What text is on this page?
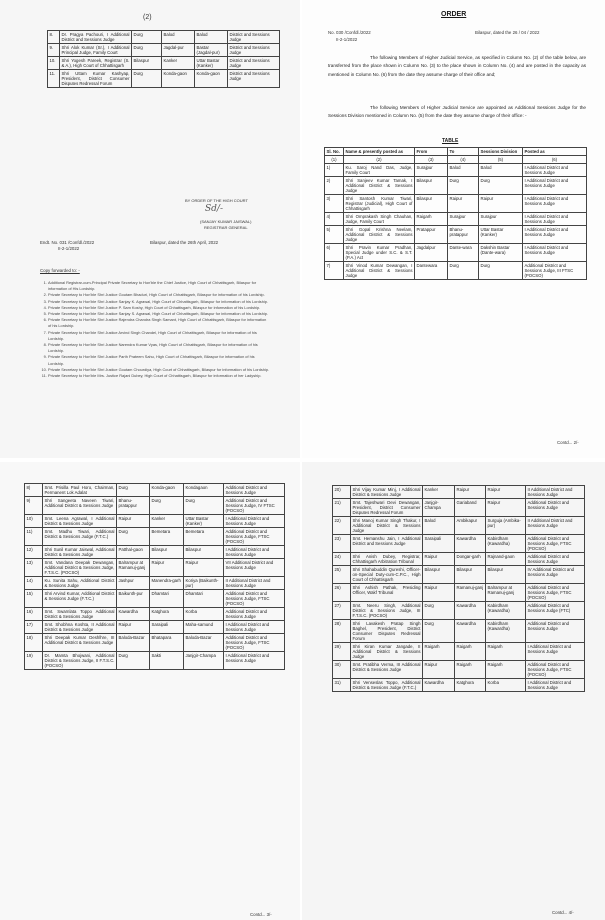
(2)
8.	Dr. Pragya Pachouri, I Additional District and Sessions Judge	Durg	Balod	Balod	District and Sessions Judge
9.	Shri Alok Kumar (Sr.), I Additional Principal Judge, Family Court	Durg	Jagdal-pur	Bastar (Jagdal-pur)	District and Sessions Judge
10.	Shri Yogesh Pareek, Registrar (S. & A.), High Court of Chhattisgarh	Bilaspur	Kanker	Uttar Bastar (Kanker)	District and Sessions Judge
11.	Shri Uttam Kumar Kashyap, President, District Consumer Disputes Redressal Forum	Durg	Konda-gaon	Konda-gaon	District and Sessions Judge
BY ORDER OF THE HIGH COURT
Sd/-
(SANJAY KUMAR JAISWAL)
REGISTRAR GENERAL
Endt. No. 031 /Confdl./2022	Bilaspur, dated the 26th April, 2022
II-2-1/2022
Copy forwarded to: -
1. Additional Registrar-cum-Principal Private Secretary to Hon'ble the Chief Justice, High Court of Chhattisgarh, Bilaspur for information of His Lordship.
2. Private Secretary to Hon'ble Shri Justice Goutam Bhaduri, High Court of Chhattisgarh, Bilaspur for information of his Lordship.
3. Private Secretary to Hon'ble Shri Justice Sanjay K. Agrawal, High Court of Chhattisgarh, Bilaspur for information of his Lordship.
4. Private Secretary to Hon'ble Shri Justice P. Sam Koshy, High Court of Chhattisgarh, Bilaspur for information of his Lordship.
5. Private Secretary to Hon'ble Shri Justice Sanjay S. Agrawal, High Court of Chhattisgarh, Bilaspur for information of his Lordship.
6. Private Secretary to Hon'ble Shri Justice Rajendra Chandra Singh Samant, High Court of Chhattisgarh, Bilaspur for information of his Lordship.
7. Private Secretary to Hon'ble Shri Justice Arvind Singh Chandel, High Court of Chhattisgarh, Bilaspur for information of his Lordship.
8. Private Secretary to Hon'ble Shri Justice Narendra Kumar Vyas, High Court of Chhattisgarh, Bilaspur for information of his Lordship.
9. Private Secretary to Hon'ble Shri Justice Parth Prateem Sahu, High Court of Chhattisgarh, Bilaspur for information of his Lordship.
10. Private Secretary to Hon'ble Shri Justice Goutam Chourdiya, High Court of Chhattisgarh, Bilaspur for information of his Lordship.
11. Private Secretary to Hon'ble Mrs. Justice Rajani Dubey, High Court of Chhattisgarh, Bilaspur for information of her Ladyship.
ORDER
No. 030 /Confdl./2022	Bilaspur, dated the 26 / 04 / 2022
II-2-1/2022
The following Members of Higher Judicial Service, as specified in Column No. (2) of the table below, are transferred from the place shown in Column No. (3) to the place shown in Column No. (4) and are posted in the capacity as mentioned in Column No. (6) from the date they assume charge of their office and;
The following Members of Higher Judicial Service are appointed as Additional Sessions Judge for the Sessions Division mentioned in Column No. (5) from the date they assume charge of their office: -
TABLE
Sl. No.	Name & presently posted as	From	To	Sessions Division	Posted as
(1)	(2)	(3)	(4)	(5)	(6)
1)	Ku. Saroj Nand Das, Judge, Family Court	Surajpur	Balod	Balod	I Additional District and Sessions Judge
2)	Shri Sanjeev Kumar Tamak, I Additional District & Sessions Judge	Bilaspur	Durg	Durg	I Additional District and Sessions Judge
3)	Shri Santosh Kumar Tiwari, Registrar (Judicial), High Court of Chhattisgarh	Bilaspur	Raipur	Raipur	I Additional District and Sessions Judge
4)	Shri Omprakash Singh Chauhan, Judge, Family Court	Raigarh	Surajpur	Surajpur	I Additional District and Sessions Judge
5)	Shri Gopal Krishna Neelam, Additional District & Sessions Judge	Pratappur	Bhanu-pratappur	Uttar Bastar (Kanker)	I Additional District and Sessions Judge
6)	Shri Pravin Kumar Pradhan, Special Judge under S.C. & S.T. (P.A.) Act	Jagdalpur	Dante-wara	Dakshin Bastar (Dante-wara)	I Additional District and Sessions Judge
7)	Shri Vinod Kumar Dewangan, I Additional District & Sessions Judge	Dantewara	Durg	Durg	Additional District and Sessions Judge, III FTSC (POCSO)
Contd... 2/-
8)	Smt. Prisilla Paul Horo, Chairman, Permanent Lok Adalat	Durg	Konda-gaon	Kondagaon	Additional District and Sessions Judge
9)	Shri Sangeeta Naveen Tiwari, Additional District & Sessions Judge	Bhanu-pratappur	Durg	Durg	Additional District and Sessions Judge, IV FTSC (POCSO)
10)	Smt. Leena Agrawal, I Additional District & Sessions Judge	Raipur	Kanker	Uttar Bastar (Kanker)	I Additional District and Sessions Judge
11)	Smt. Madhu Tiwari, Additional District & Sessions Judge (F.T.C.)	Durg	Bemetara	Bemetara	Additional District and Sessions Judge, FTSC (POCSO)
12)	Shri Sunil Kumar Jaiswal, Additional District & Sessions Judge	Patthal-gaon	Bilaspur	Bilaspur	I Additional District and Sessions Judge
13)	Smt. Vandana Deepak Dewangan, Additional District & Sessions Judge, F.T.S.C. (POCSO)	Balrampur at Ramanuj-ganj	Raipur	Raipur	VII Additional District and Sessions Judge
14)	Ku. Sunita Sahu, Additional District & Sessions Judge	Jashpur	Manendra-garh	Koriya (Baikunth-pur)	II Additional District and Sessions Judge
15)	Shri Arvind Kumar, Additional District & Sessions Judge (F.T.C.)	Baikunth-pur	Dhamtari	Dhamtari	Additional District and Sessions Judge, FTSC (POCSO)
16)	Smt. Swarnlata Toppo Additional District & Sessions Judge	Kawardha	Katghora	Korba	Additional District and Sessions Judge
17)	Smt. Shobhna Koshta, II Additional District & Sessions Judge	Raipur	Saraipali	Maha-samund	I Additional District and Sessions Judge
18)	Shri Deepak Kumar Deshlhre, III Additional District & Sessions Judge	Baloda-Bazar	Bhatapara	Baloda-Bazar	Additional District and Sessions Judge, FTSC (POCSO)
19)	Dr. Mamta Bhojwani, Additional District & Sessions Judge, II F.T.S.C. (POCSO)	Durg	Sakti	Janjgir-Champa	I Additional District and Sessions Judge
Contd... 3/-
20)	Shri Vijay Kumar Minj, I Additional District & Sessions Judge	Kanker	Raipur	Raipur	II Additional District and Sessions Judge
21)	Smt. Tajeshwari Devi Dewangan, President, District Consumer Disputes Redressal Forum	Janjgir-Champa	Gariaband	Raipur	Additional District and Sessions Judge
22)	Shri Manoj Kumar Singh Thakur, I Additional District & Sessions Judge	Balod	Ambikapur	Surguja (Ambika-pur)	II Additional District and Sessions Judge
23)	Smt. Hemanshu Jain, I Additional District and Sessions Judge	Saraipali	Kawardha	Kabirdham (Kawardha)	Additional District and Sessions Judge, FTSC (POCSO)
24)	Shri Anish Dubey, Registrar, Chhattisgarh Arbitration Tribunal	Raipur	Dongar-garh	Rajnand-gaon	Additional District and Sessions Judge
25)	Shri Shahabuddin Qureshi, Officer-on-Special Duty-cum-C.P.C., High Court of Chhattisgarh	Bilaspur	Bilaspur	Bilaspur	IV Additional District and Sessions Judge
26)	Shri Ashish Pathak, Presiding Officer, Wakf Tribunal	Raipur	Ramanuj-ganj	Balrampur at Ramanuj-ganj	Additional District and Sessions Judge, FTSC (POCSO)
27)	Smt. Neeru Singh, Additional District & Sessions Judge, III F.T.S.C. (POCSO)	Durg	Kawardha	Kabirdham (Kawardha)	Additional District and Sessions Judge (FTC)
28)	Shri Lavakesh Pratap Singh Baghel, President, District Consumer Disputes Redressal Forum	Durg	Kawardha	Kabirdham (Kawardha)	Additional District and Sessions Judge
29)	Shri Kiran Kumar Jangade, II Additional District & Sessions Judge	Raigarh	Raigarh	Raigarh	I Additional District and Sessions Judge
30)	Smt. Pratibha Verma, III Additional District & Sessions Judge	Raipur	Raigarh	Raigarh	Additional District and Sessions Judge, FTSC (POCSO)
31)	Shri Venseslas Toppo, Additional District & Sessions Judge (F.T.C.)	Kawardha	Katghora	Korba	I Additional District and Sessions Judge
Contd... 4/-
